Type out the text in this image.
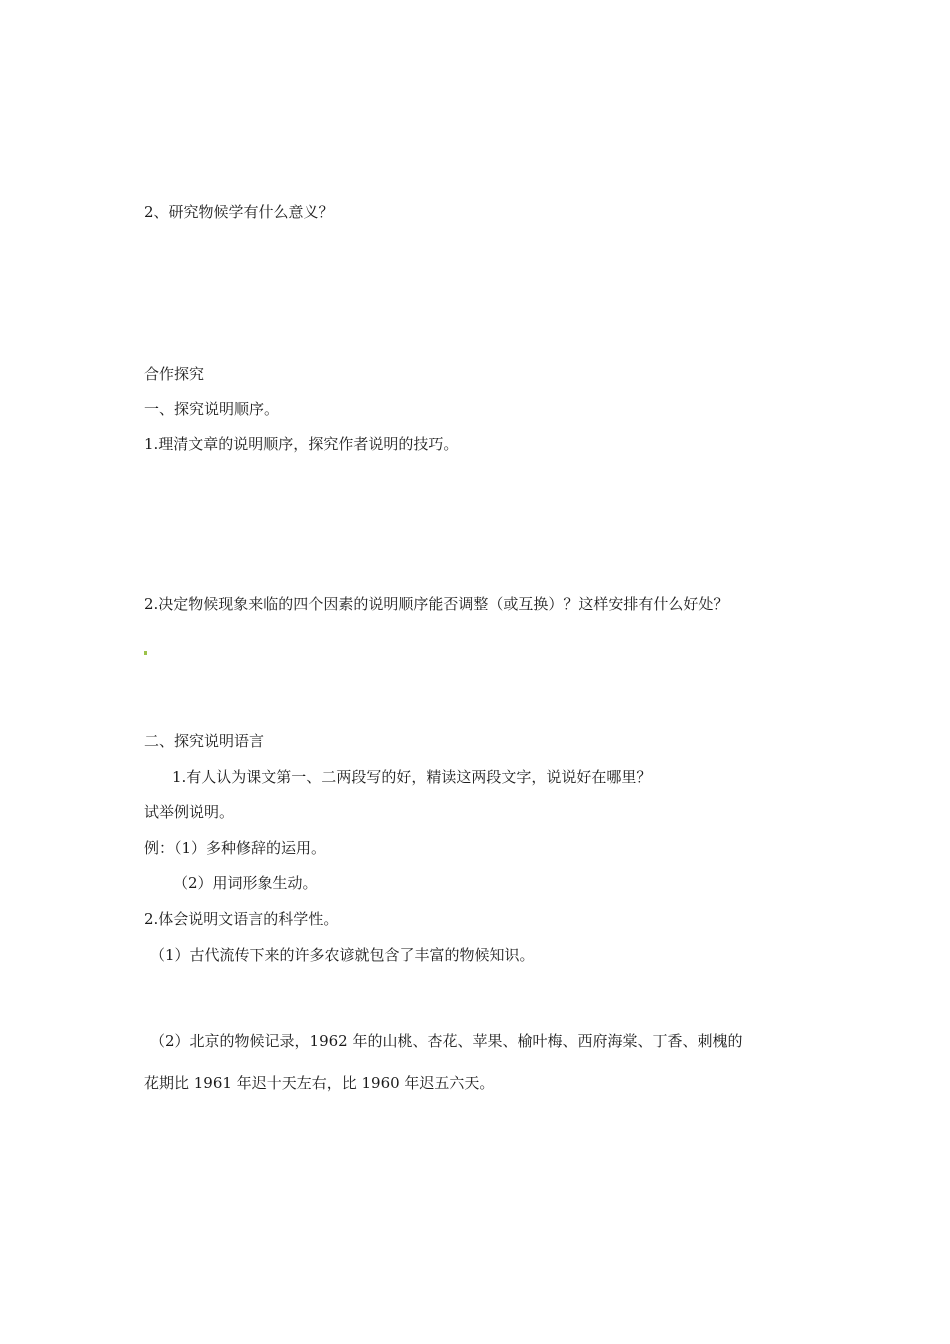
2、研究物候学有什么意义？
合作探究
一、探究说明顺序。
1.理清文章的说明顺序，探究作者说明的技巧。
2.决定物候现象来临的四个因素的说明顺序能否调整（或互换）？这样安排有什么好处？
二、探究说明语言
1.有人认为课文第一、二两段写的好，精读这两段文字，说说好在哪里？
试举例说明。
例：（1）多种修辞的运用。
（2）用词形象生动。
2.体会说明文语言的科学性。
（1）古代流传下来的许多农谚就包含了丰富的物候知识。
（2）北京的物候记录，1962 年的山桃、杏花、苹果、榆叶梅、西府海棠、丁香、刺槐的
花期比 1961 年迟十天左右，比 1960 年迟五六天。
